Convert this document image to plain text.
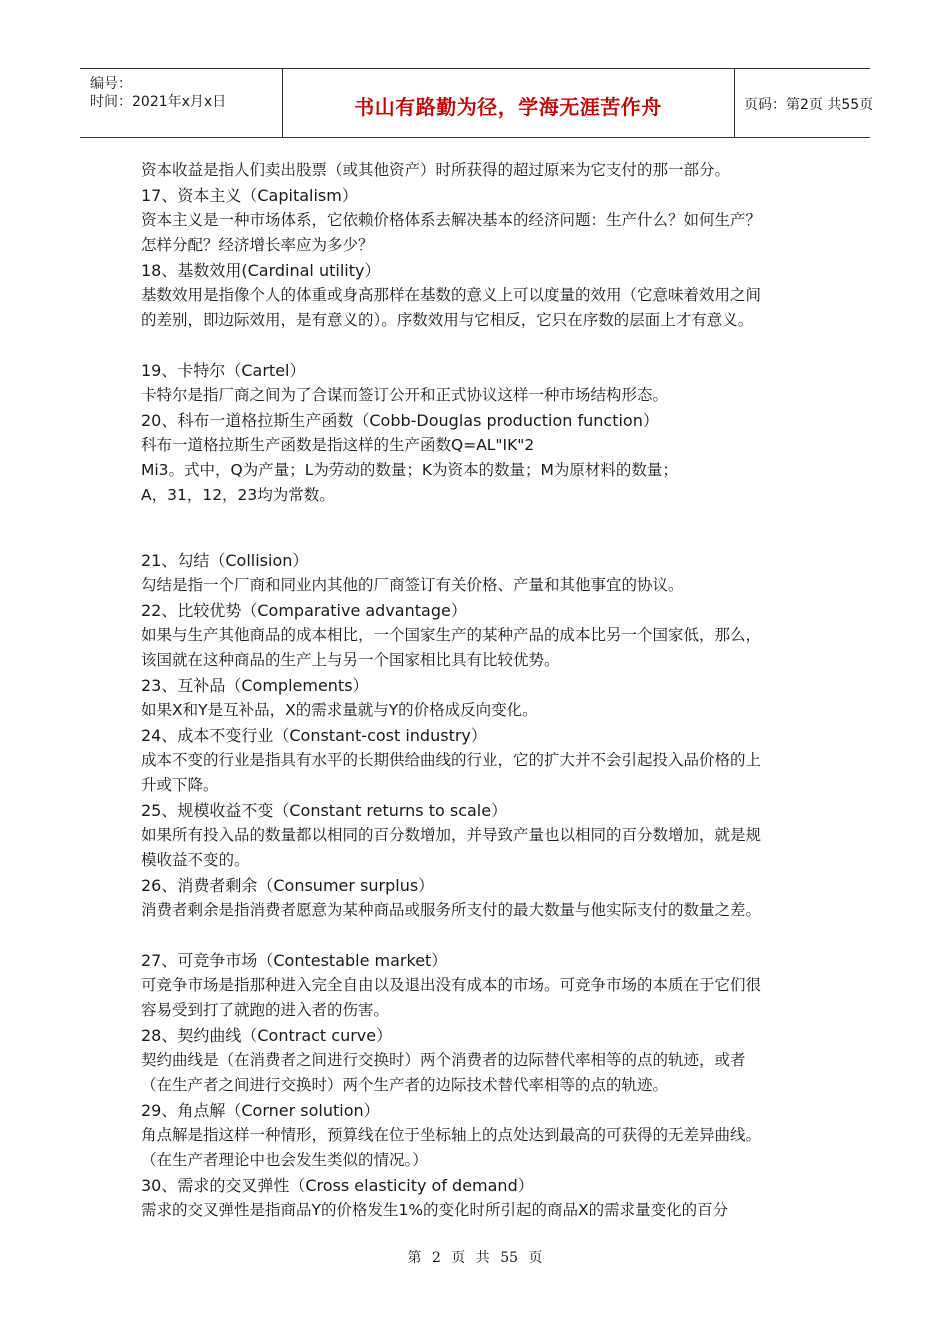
编号：
时间：2021年x月x日	书山有路勤为径，学海无涯苦作舟	页码：第2页 共55页
资本收益是指人们卖出股票（或其他资产）时所获得的超过原来为它支付的那一部分。
17、资本主义（Capitalism）
资本主义是一种市场体系，它依赖价格体系去解决基本的经济问题：生产什么？如何生产？
怎样分配？经济增长率应为多少？
18、基数效用(Cardinal utility）
基数效用是指像个人的体重或身高那样在基数的意义上可以度量的效用（它意味着效用之间
的差别，即边际效用，是有意义的）。序数效用与它相反，它只在序数的层面上才有意义。
19、卡特尔（Cartel）
卡特尔是指厂商之间为了合谋而签订公开和正式协议这样一种市场结构形态。
20、科布一道格拉斯生产函数（Cobb-Douglas production function）
科布一道格拉斯生产函数是指这样的生产函数Q=AL"IK"2
Mi3。式中，Q为产量；L为劳动的数量；K为资本的数量；M为原材料的数量；
A，31，12，23均为常数。
21、勾结（Collision）
勾结是指一个厂商和同业内其他的厂商签订有关价格、产量和其他事宜的协议。
22、比较优势（Comparative advantage）
如果与生产其他商品的成本相比，一个国家生产的某种产品的成本比另一个国家低，那么，
该国就在这种商品的生产上与另一个国家相比具有比较优势。
23、互补品（Complements）
如果X和Y是互补品，X的需求量就与Y的价格成反向变化。
24、成本不变行业（Constant-cost industry）
成本不变的行业是指具有水平的长期供给曲线的行业，它的扩大并不会引起投入品价格的上
升或下降。
25、规模收益不变（Constant returns to scale）
如果所有投入品的数量都以相同的百分数增加，并导致产量也以相同的百分数增加，就是规
模收益不变的。
26、消费者剩余（Consumer surplus）
消费者剩余是指消费者愿意为某种商品或服务所支付的最大数量与他实际支付的数量之差。
27、可竞争市场（Contestable market）
可竞争市场是指那种进入完全自由以及退出没有成本的市场。可竞争市场的本质在于它们很
容易受到打了就跑的进入者的伤害。
28、契约曲线（Contract curve）
契约曲线是（在消费者之间进行交换时）两个消费者的边际替代率相等的点的轨迹，或者
（在生产者之间进行交换时）两个生产者的边际技术替代率相等的点的轨迹。
29、角点解（Corner solution）
角点解是指这样一种情形，预算线在位于坐标轴上的点处达到最高的可获得的无差异曲线。
（在生产者理论中也会发生类似的情况。）
30、需求的交叉弹性（Cross elasticity of demand）
需求的交叉弹性是指商品Y的价格发生1%的变化时所引起的商品X的需求量变化的百分
第 2 页 共 55 页
